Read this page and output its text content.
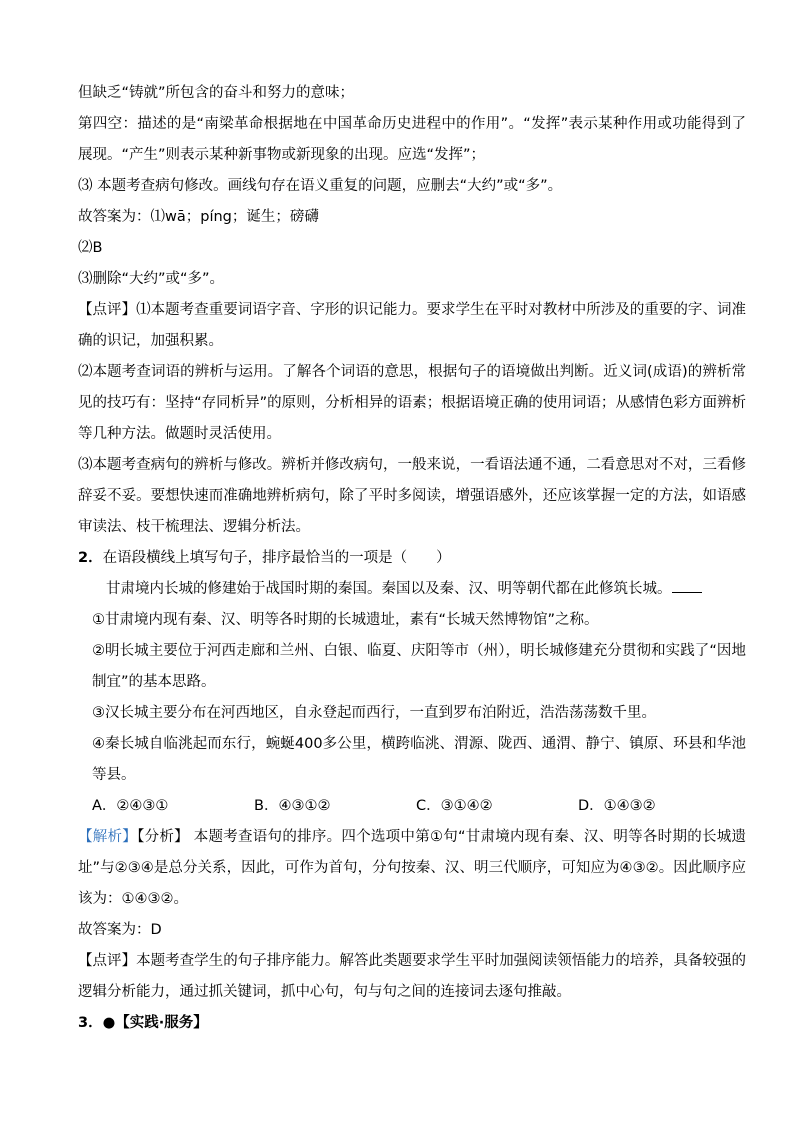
但缺乏“铸就”所包含的奋斗和努力的意味；

第四空：描述的是“南梁革命根据地在中国革命历史进程中的作用”。“发挥”表示某种作用或功能得到了展现。“产生”则表示某种新事物或新现象的出现。应选“发挥”；

⑶ 本题考查病句修改。画线句存在语义重复的问题，应删去“大约”或“多”。

故答案为：⑴wā；píng；诞生；磅礴

⑵B

⑶删除“大约”或“多”。

【点评】⑴本题考查重要词语字音、字形的识记能力。要求学生在平时对教材中所涉及的重要的字、词准确的识记，加强积累。

⑵本题考查词语的辨析与运用。了解各个词语的意思，根据句子的语境做出判断。近义词(成语)的辨析常见的技巧有：坚持“存同析异”的原则，分析相异的语素；根据语境正确的使用词语；从感情色彩方面辨析等几种方法。做题时灵活使用。

⑶本题考查病句的辨析与修改。辨析并修改病句，一般来说，一看语法通不通，二看意思对不对，三看修辞妥不妥。要想快速而准确地辨析病句，除了平时多阅读，增强语感外，还应该掌握一定的方法，如语感审读法、枝干梳理法、逻辑分析法。

2．在语段横线上填写句子，排序最恰当的一项是（　　）

甘肃境内长城的修建始于战国时期的秦国。秦国以及秦、汉、明等朝代都在此修筑长城。

①甘肃境内现有秦、汉、明等各时期的长城遗址，素有“长城天然博物馆”之称。

②明长城主要位于河西走廊和兰州、白银、临夏、庆阳等市（州），明长城修建充分贯彻和实践了“因地制宜”的基本思路。

③汉长城主要分布在河西地区，自永登起而西行，一直到罗布泊附近，浩浩荡荡数千里。

④秦长城自临洮起而东行，蜿蜒400多公里，横跨临洮、渭源、陇西、通渭、静宁、镇原、环县和华池等县。

A．②④③①	B．④③①②	C．③①④②	D．①④③②

【解析】【分析】 本题考查语句的排序。四个选项中第①句“甘肃境内现有秦、汉、明等各时期的长城遗址”与②③④是总分关系，因此，可作为首句，分句按秦、汉、明三代顺序，可知应为④③②。因此顺序应该为：①④③②。

故答案为：D

【点评】本题考查学生的句子排序能力。解答此类题要求学生平时加强阅读领悟能力的培养，具备较强的逻辑分析能力，通过抓关键词，抓中心句，句与句之间的连接词去逐句推敲。

3．●【实践·服务】
